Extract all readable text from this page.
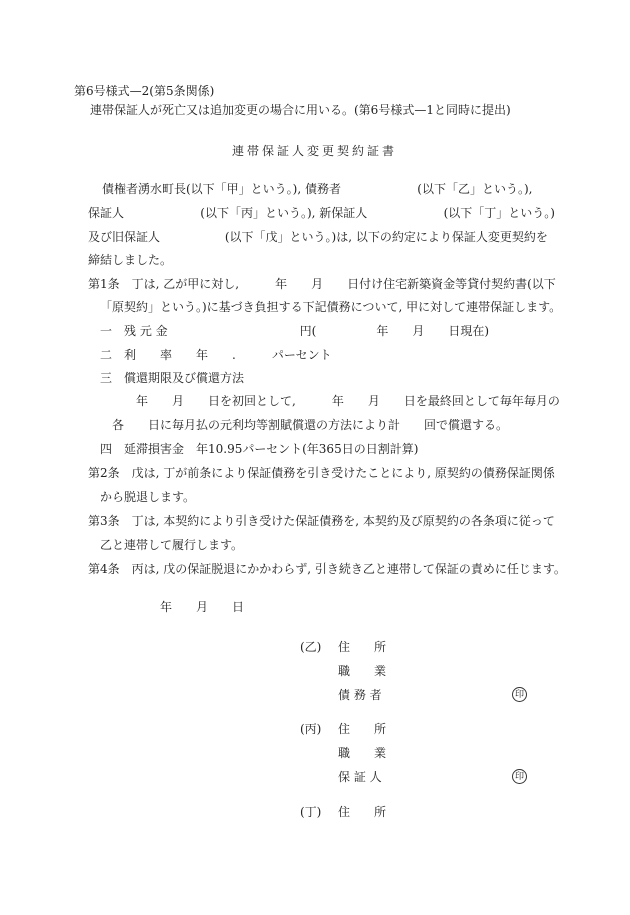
第6号様式—2(第5条関係)
連帯保証人が死亡又は追加変更の場合に用いる。(第6号様式—1と同時に提出)
連帯保証人変更契約証書
債権者湧水町長(以下「甲」という。), 債務者                    (以下「乙」という。),
保証人                    (以下「丙」という。), 新保証人                    (以下「丁」という。)
及び旧保証人                 (以下「戊」という。)は, 以下の約定により保証人変更契約を
締結しました。
第1条　丁は, 乙が甲に対し,　　　年　　月　　日付け住宅新築資金等貸付契約書(以下
「原契約」という。)に基づき負担する下記債務について, 甲に対して連帯保証します。
一　残 元 金　　　　　　　　　　　円(　　　　　年　　月　　日現在)
二　利　　率　　年　　.　　　パーセント
三　償還期限及び償還方法
年　　月　　日を初回として,　　　年　　月　　日を最終回として毎年毎月の
各　　日に毎月払の元利均等割賦償還の方法により計　　回で償還する。
四　延滞損害金　年10.95パーセント(年365日の日割計算)
第2条　戊は, 丁が前条により保証債務を引き受けたことにより, 原契約の債務保証関係
から脱退します。
第3条　丁は, 本契約により引き受けた保証債務を, 本契約及び原契約の各条項に従って
乙と連帯して履行します。
第4条　丙は, 戊の保証脱退にかかわらず, 引き続き乙と連帯して保証の責めに任じます。
年　　月　　日
(乙) 住　　所
職　　業
債 務 者	印
(丙) 住　　所
職　　業
保 証 人	印
(丁) 住　　所
